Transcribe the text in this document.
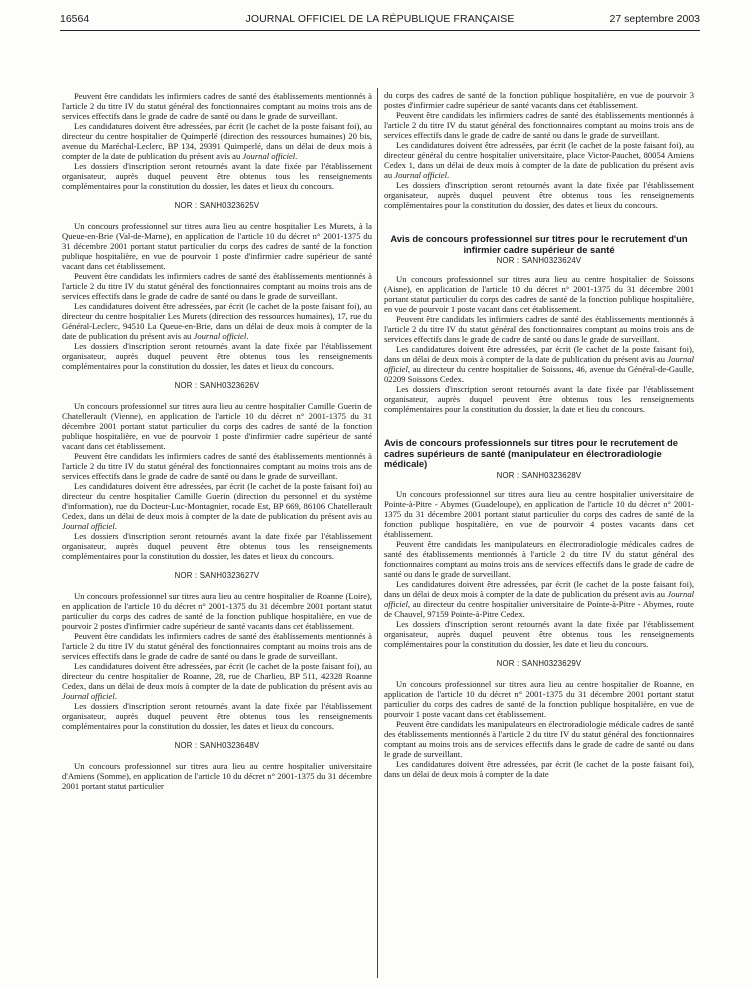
16564	JOURNAL OFFICIEL DE LA RÉPUBLIQUE FRANÇAISE	27 septembre 2003

Peuvent être candidats les infirmiers cadres de santé des établissements mentionnés à l'article 2 du titre IV du statut général des fonctionnaires comptant au moins trois ans de services effectifs dans le grade de cadre de santé ou dans le grade de surveillant.

Les candidatures doivent être adressées, par écrit (le cachet de la poste faisant foi), au directeur du centre hospitalier de Quimperlé (direction des ressources humaines) 20 bis, avenue du Maréchal-Leclerc, BP 134, 29391 Quimperlé, dans un délai de deux mois à compter de la date de publication du présent avis au Journal officiel.

Les dossiers d'inscription seront retournés avant la date fixée par l'établissement organisateur, auprès duquel peuvent être obtenus tous les renseignements complémentaires pour la constitution du dossier, les dates et lieux du concours.

NOR : SANH0323625V

Un concours professionnel sur titres aura lieu au centre hospitalier Les Murets, à la Queue-en-Brie (Val-de-Marne), en application de l'article 10 du décret n° 2001-1375 du 31 décembre 2001 portant statut particulier du corps des cadres de santé de la fonction publique hospitalière, en vue de pourvoir 1 poste d'infirmier cadre supérieur de santé vacant dans cet établissement.

Peuvent être candidats les infirmiers cadres de santé des établissements mentionnés à l'article 2 du titre IV du statut général des fonctionnaires comptant au moins trois ans de services effectifs dans le grade de cadre de santé ou dans le grade de surveillant.

Les candidatures doivent être adressées, par écrit (le cachet de la poste faisant foi), au directeur du centre hospitalier Les Murets (direction des ressources humaines), 17, rue du Général-Leclerc, 94510 La Queue-en-Brie, dans un délai de deux mois à compter de la date de publication du présent avis au Journal officiel.

Les dossiers d'inscription seront retournés avant la date fixée par l'établissement organisateur, auprès duquel peuvent être obtenus tous les renseignements complémentaires pour la constitution du dossier, les dates et lieux du concours.

NOR : SANH0323626V

Un concours professionnel sur titres aura lieu au centre hospitalier Camille Guerin de Chatellerault (Vienne), en application de l'article 10 du décret n° 2001-1375 du 31 décembre 2001 portant statut particulier du corps des cadres de santé de la fonction publique hospitalière, en vue de pourvoir 1 poste d'infirmier cadre supérieur de santé vacant dans cet établissement.

Peuvent être candidats les infirmiers cadres de santé des établissements mentionnés à l'article 2 du titre IV du statut général des fonctionnaires comptant au moins trois ans de services effectifs dans le grade de cadre de santé ou dans le grade de surveillant.

Les candidatures doivent être adressées, par écrit (le cachet de la poste faisant foi) au directeur du centre hospitalier Camille Guerin (direction du personnel et du système d'information), rue du Docteur-Luc-Montagnier, rocade Est, BP 669, 86106 Chatellerault Cedex, dans un délai de deux mois à compter de la date de publication du présent avis au Journal officiel.

Les dossiers d'inscription seront retournés avant la date fixée par l'établissement organisateur, auprès duquel peuvent être obtenus tous les renseignements complémentaires pour la constitution du dossier, les dates et lieux du concours.

NOR : SANH0323627V

Un concours professionnel sur titres aura lieu au centre hospitalier de Roanne (Loire), en application de l'article 10 du décret n° 2001-1375 du 31 décembre 2001 portant statut particulier du corps des cadres de santé de la fonction publique hospitalière, en vue de pourvoir 2 postes d'infirmier cadre supérieur de santé vacants dans cet établissement.

Peuvent être candidats les infirmiers cadres de santé des établissements mentionnés à l'article 2 du titre IV du statut général des fonctionnaires comptant au moins trois ans de services effectifs dans le grade de cadre de santé ou dans le grade de surveillant.

Les candidatures doivent être adressées, par écrit (le cachet de la poste faisant foi), au directeur du centre hospitalier de Roanne, 28, rue de Charlieu, BP 511, 42328 Roanne Cedex, dans un délai de deux mois à compter de la date de publication du présent avis au Journal officiel.

Les dossiers d'inscription seront retournés avant la date fixée par l'établissement organisateur, auprès duquel peuvent être obtenus tous les renseignements complémentaires pour la constitution du dossier, les dates et lieux du concours.

NOR : SANH0323648V

Un concours professionnel sur titres aura lieu au centre hospitalier universitaire d'Amiens (Somme), en application de l'article 10 du décret n° 2001-1375 du 31 décembre 2001 portant statut particulier

du corps des cadres de santé de la fonction publique hospitalière, en vue de pourvoir 3 postes d'infirmier cadre supérieur de santé vacants dans cet établissement.

Peuvent être candidats les infirmiers cadres de santé des établissements mentionnés à l'article 2 du titre IV du statut général des fonctionnaires comptant au moins trois ans de services effectifs dans le grade de cadre de santé ou dans le grade de surveillant.

Les candidatures doivent être adressées, par écrit (le cachet de la poste faisant foi), au directeur général du centre hospitalier universitaire, place Victor-Pauchet, 80054 Amiens Cedex 1, dans un délai de deux mois à compter de la date de publication du présent avis au Journal officiel.

Les dossiers d'inscription seront retournés avant la date fixée par l'établissement organisateur, auprès duquel peuvent être obtenus tous les renseignements complémentaires pour la constitution du dossier, des dates et lieux du concours.

Avis de concours professionnel sur titres pour le recrutement d'un infirmier cadre supérieur de santé
NOR : SANH0323624V

Un concours professionnel sur titres aura lieu au centre hospitalier de Soissons (Aisne), en application de l'article 10 du décret n° 2001-1375 du 31 décembre 2001 portant statut particulier du corps des cadres de santé de la fonction publique hospitalière, en vue de pourvoir 1 poste vacant dans cet établissement.

Peuvent être candidats les infirmiers cadres de santé des établissements mentionnés à l'article 2 du titre IV du statut général des fonctionnaires comptant au moins trois ans de services effectifs dans le grade de cadre de santé ou dans le grade de surveillant.

Les candidatures doivent être adressées, par écrit (le cachet de la poste faisant foi), dans un délai de deux mois à compter de la date de publication du présent avis au Journal officiel, au directeur du centre hospitalier de Soissons, 46, avenue du Général-de-Gaulle, 02209 Soissons Cedex.

Les dossiers d'inscription seront retournés avant la date fixée par l'établissement organisateur, auprès duquel peuvent être obtenus tous les renseignements complémentaires pour la constitution du dossier, la date et lieu du concours.

Avis de concours professionnels sur titres pour le recrutement de cadres supérieurs de santé (manipulateur en électroradiologie médicale)
NOR : SANH0323628V

Un concours professionnel sur titres aura lieu au centre hospitalier universitaire de Pointe-à-Pitre - Abymes (Guadeloupe), en application de l'article 10 du décret n° 2001-1375 du 31 décembre 2001 portant statut particulier du corps des cadres de santé de la fonction publique hospitalière, en vue de pourvoir 4 postes vacants dans cet établissement.

Peuvent être candidats les manipulateurs en électroradiologie médicales cadres de santé des établissements mentionnés à l'article 2 du titre IV du statut général des fonctionnaires comptant au moins trois ans de services effectifs dans le grade de cadre de santé ou dans le grade de surveillant.

Les candidatures doivent être adressées, par écrit (le cachet de la poste faisant foi), dans un délai de deux mois à compter de la date de publication du présent avis au Journal officiel, au directeur du centre hospitalier universitaire de Pointe-à-Pitre - Abymes, route de Chauvel, 97159 Pointe-à-Pitre Cedex.

Les dossiers d'inscription seront retournés avant la date fixée par l'établissement organisateur, auprès duquel peuvent être obtenus tous les renseignements complémentaires pour la constitution du dossier, les date et lieu du concours.

NOR : SANH0323629V

Un concours professionnel sur titres aura lieu au centre hospitalier de Roanne, en application de l'article 10 du décret n° 2001-1375 du 31 décembre 2001 portant statut particulier du corps des cadres de santé de la fonction publique hospitalière, en vue de pourvoir 1 poste vacant dans cet établissement.

Peuvent être candidats les manipulateurs en électroradiologie médicale cadres de santé des établissements mentionnés à l'article 2 du titre IV du statut général des fonctionnaires comptant au moins trois ans de services effectifs dans le grade de cadre de santé ou dans le grade de surveillant.

Les candidatures doivent être adressées, par écrit (le cachet de la poste faisant foi), dans un délai de deux mois à compter de la date
